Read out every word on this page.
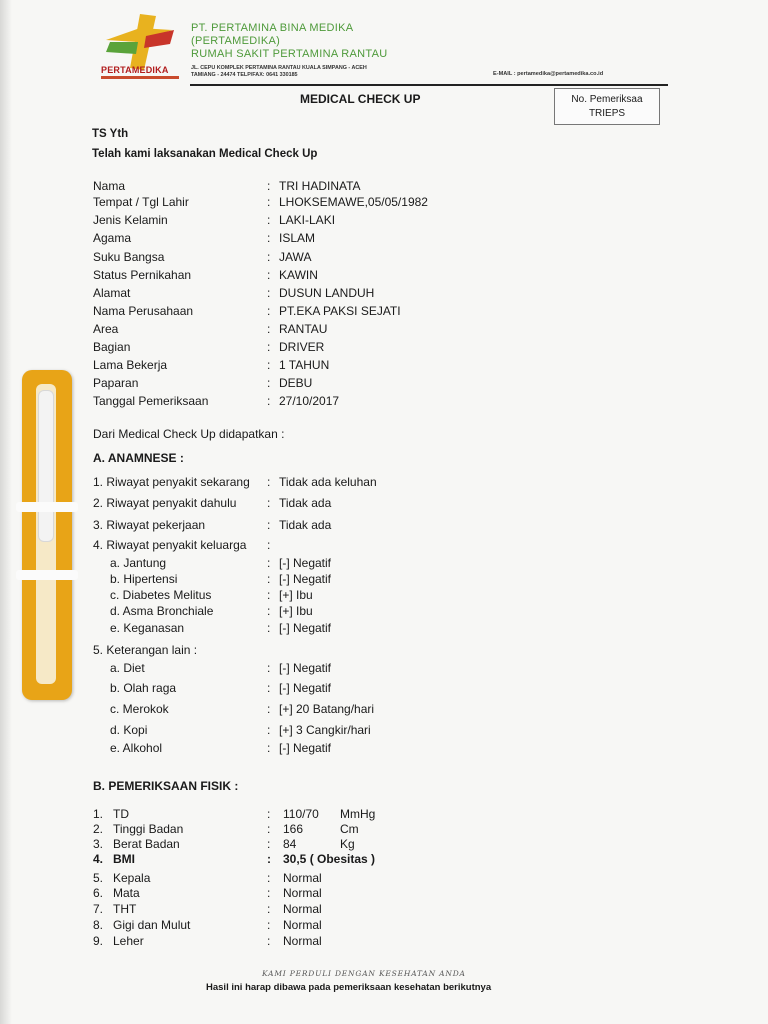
PERTAMEDIKA
PT. PERTAMINA BINA MEDIKA
(PERTAMEDIKA)
RUMAH SAKIT PERTAMINA RANTAU
JL. CEPU KOMPLEK PERTAMINA RANTAU KUALA SIMPANG - ACEH
TAMIANG - 24474 TELP/FAX: 0641 330185	E-MAIL : pertamedika@pertamedika.co.id
MEDICAL CHECK UP	No. Pemeriksaa
TRIEPS
TS Yth
Telah kami laksanakan Medical Check Up
Nama	: TRI HADINATA
Tempat / Tgl Lahir	: LHOKSEMAWE,05/05/1982
Jenis Kelamin	: LAKI-LAKI
Agama	: ISLAM
Suku Bangsa	: JAWA
Status Pernikahan	: KAWIN
Alamat	: DUSUN LANDUH
Nama Perusahaan	: PT.EKA PAKSI SEJATI
Area	: RANTAU
Bagian	: DRIVER
Lama Bekerja	: 1 TAHUN
Paparan	: DEBU
Tanggal Pemeriksaan	: 27/10/2017
Dari Medical Check Up didapatkan :
A. ANAMNESE :
1. Riwayat penyakit sekarang : Tidak ada keluhan
2. Riwayat penyakit dahulu	: Tidak ada
3. Riwayat pekerjaan	: Tidak ada
4. Riwayat penyakit keluarga :
a. Jantung	: [-] Negatif
b. Hipertensi	: [-] Negatif
c. Diabetes Melitus	: [+] Ibu
d. Asma Bronchiale	: [+] Ibu
e. Keganasan	: [-] Negatif
5. Keterangan lain :
a. Diet	: [-] Negatif
b. Olah raga	: [-] Negatif
c. Merokok	: [+] 20 Batang/hari
d. Kopi	: [+] 3 Cangkir/hari
e. Alkohol	: [-] Negatif
B. PEMERIKSAAN FISIK :
1. TD	: 110/70 MmHg
2. Tinggi Badan	: 166	Cm
3. Berat Badan	: 84	Kg
4. BMI	: 30,5 ( Obesitas )
5. Kepala	: Normal
6. Mata	: Normal
7. THT	: Normal
8. Gigi dan Mulut	: Normal
9. Leher	: Normal
KAMI PERDULI DENGAN KESEHATAN ANDA
Hasil ini harap dibawa pada pemeriksaan kesehatan berikutnya
